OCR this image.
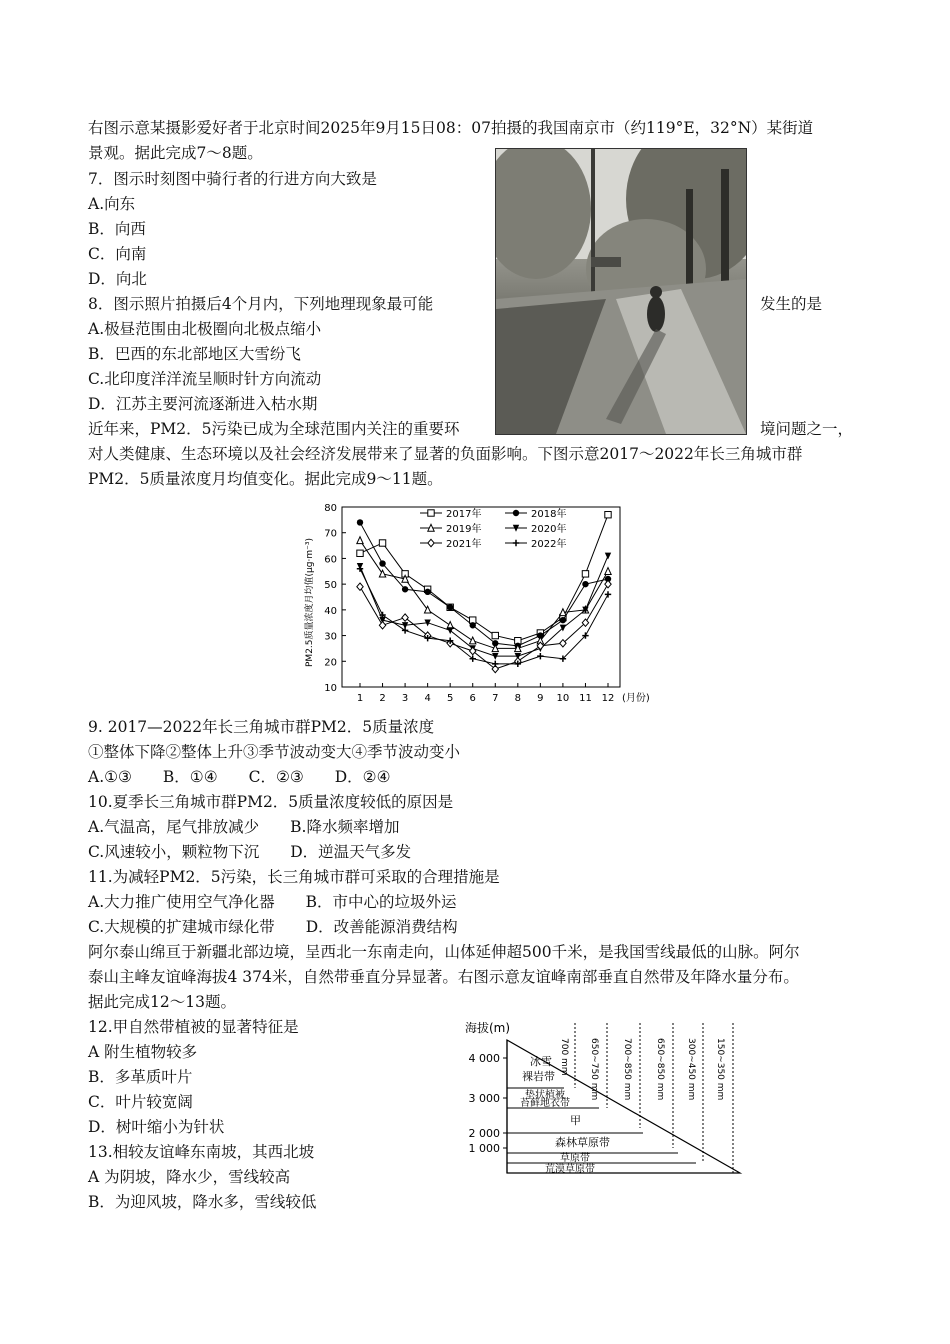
右图示意某摄影爱好者于北京时间2025年9月15日08：07拍摄的我国南京市（约119°E，32°N）某街道
景观。据此完成7～8题。
7．图示时刻图中骑行者的行进方向大致是
A.向东
B．向西
C．向南
D．向北
8．图示照片拍摄后4个月内，下列地理现象最可能	发生的是
A.极昼范围由北极圈向北极点缩小
B．巴西的东北部地区大雪纷飞
C.北印度洋洋流呈顺时针方向流动
D．江苏主要河流逐渐进入枯水期
近年来，PM2．5污染已成为全球范围内关注的重要环	境问题之一，
对人类健康、生态环境以及社会经济发展带来了显著的负面影响。下图示意2017～2022年长三角城市群
PM2．5质量浓度月均值变化。据此完成9～11题。
10
20
30
40
50
60
70
80
1 2 3 4 5 6 7 8 9 10 11 12 (月份)
PM2.5质量浓度月均值(μg·m⁻³)
2017年	2018年
2019年	2020年
2021年	2022年
9. 2017—2022年长三角城市群PM2．5质量浓度
①整体下降②整体上升③季节波动变大④季节波动变小
A.①③　　B．①④　　C．②③　　D．②④
10.夏季长三角城市群PM2．5质量浓度较低的原因是
A.气温高，尾气排放减少　　B.降水频率增加
C.风速较小，颗粒物下沉　　D．逆温天气多发
11.为减轻PM2．5污染，长三角城市群可采取的合理措施是
A.大力推广使用空气净化器　　B．市中心的垃圾外运
C.大规模的扩建城市绿化带　　D．改善能源消费结构
阿尔泰山绵亘于新疆北部边境，呈西北一东南走向，山体延伸超500千米，是我国雪线最低的山脉。阿尔
泰山主峰友谊峰海拔4 374米，自然带垂直分异显著。右图示意友谊峰南部垂直自然带及年降水量分布。
据此完成12～13题。
12.甲自然带植被的显著特征是
A 附生植物较多
B．多革质叶片
C．叶片较宽阔
D．树叶缩小为针状
13.相较友谊峰东南坡，其西北坡
A 为阴坡，降水少，雪线较高
B．为迎风坡，降水多，雪线较低
海拔(m)
4 000
3 000
2 000
1 000
冰雪
裸岩带
垫状植被
苔藓地衣带
甲
森林草原带
草原带
荒漠草原带
700 mm 650~750 mm	700~850 mm	650~850 mm 300~450 mm 150~350 mm
